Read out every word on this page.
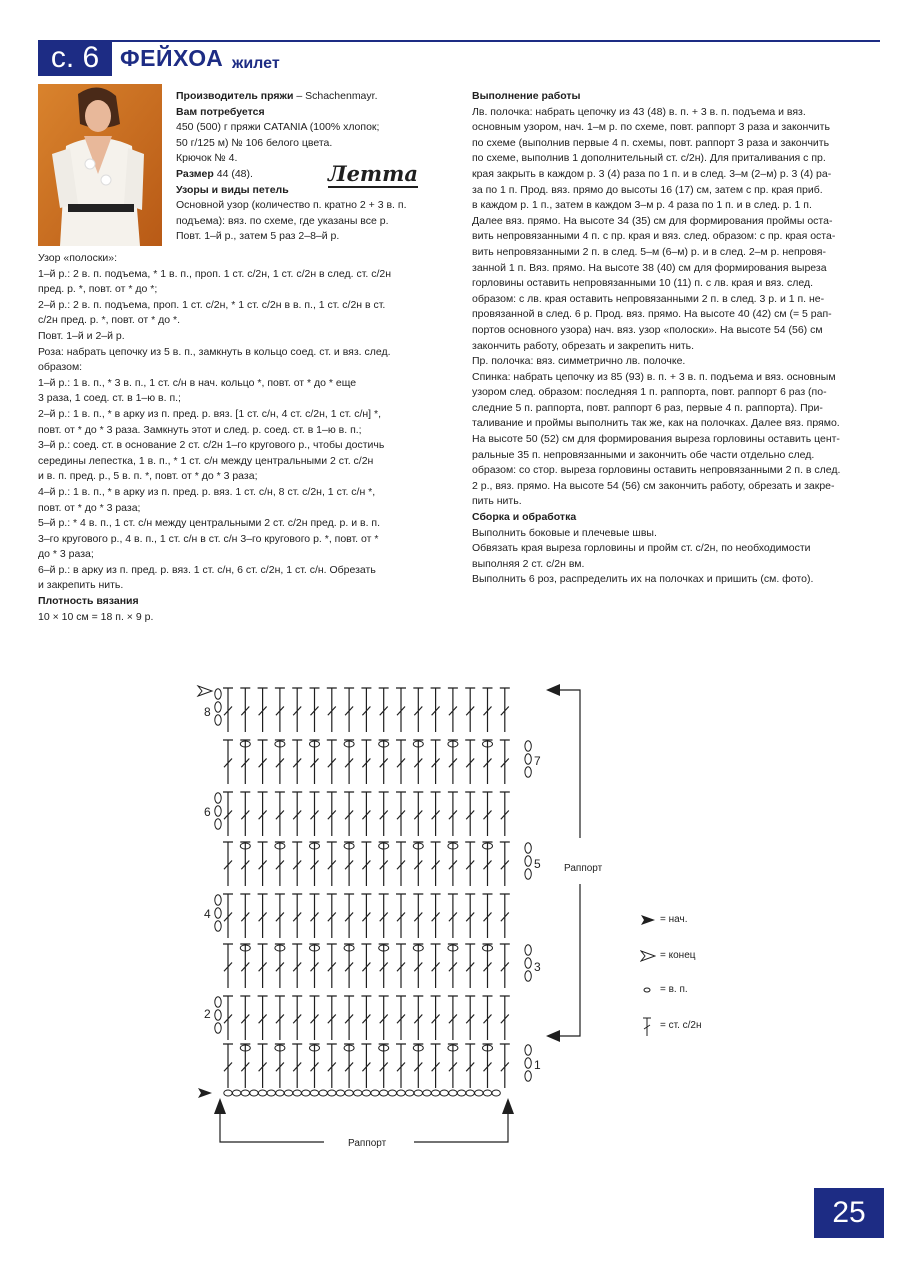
с. 6 ФЕЙХОА жилет
Летта
Производитель пряжи – Schachenmayr.
Вам потребуется
450 (500) г пряжи CATANIA (100% хлопок;
50 г/125 м) № 106 белого цвета.
Крючок № 4.
Размер 44 (48).
Узоры и виды петель
Основной узор (количество п. кратно 2 + 3 в. п.
подъема): вяз. по схеме, где указаны все р.
Повт. 1–й р., затем 5 раз 2–8–й р.
Узор «полоски»:
1–й р.: 2 в. п. подъема, * 1 в. п., проп. 1 ст. с/2н, 1 ст. с/2н в след. ст. с/2н
пред. р. *, повт. от * до *;
2–й р.: 2 в. п. подъема, проп. 1 ст. с/2н, * 1 ст. с/2н в в. п., 1 ст. с/2н в ст.
с/2н пред. р. *, повт. от * до *.
Повт. 1–й и 2–й р.
Роза: набрать цепочку из 5 в. п., замкнуть в кольцо соед. ст. и вяз. след.
образом:
1–й р.: 1 в. п., * 3 в. п., 1 ст. с/н в нач. кольцо *, повт. от * до * еще
3 раза, 1 соед. ст. в 1–ю в. п.;
2–й р.: 1 в. п., * в арку из п. пред. р. вяз. [1 ст. с/н, 4 ст. с/2н, 1 ст. с/н] *,
повт. от * до * 3 раза. Замкнуть этот и след. р. соед. ст. в 1–ю в. п.;
3–й р.: соед. ст. в основание 2 ст. с/2н 1–го кругового р., чтобы достичь
середины лепестка, 1 в. п., * 1 ст. с/н между центральными 2 ст. с/2н
и в. п. пред. р., 5 в. п. *, повт. от * до * 3 раза;
4–й р.: 1 в. п., * в арку из п. пред. р. вяз. 1 ст. с/н, 8 ст. с/2н, 1 ст. с/н *,
повт. от * до * 3 раза;
5–й р.: * 4 в. п., 1 ст. с/н между центральными 2 ст. с/2н пред. р. и в. п.
3–го кругового р., 4 в. п., 1 ст. с/н в ст. с/н 3–го кругового р. *, повт. от *
до * 3 раза;
6–й р.: в арку из п. пред. р. вяз. 1 ст. с/н, 6 ст. с/2н, 1 ст. с/н. Обрезать
и закрепить нить.
Плотность вязания
10 × 10 см = 18 п. × 9 р.
Выполнение работы
Лв. полочка: набрать цепочку из 43 (48) в. п. + 3 в. п. подъема и вяз.
основным узором, нач. 1–м р. по схеме, повт. раппорт 3 раза и закончить
по схеме (выполнив первые 4 п. схемы, повт. раппорт 3 раза и закончить
по схеме, выполнив 1 дополнительный ст. с/2н). Для приталивания с пр.
края закрыть в каждом р. 3 (4) раза по 1 п. и в след. 3–м (2–м) р. 3 (4) ра-
за по 1 п. Прод. вяз. прямо до высоты 16 (17) см, затем с пр. края приб.
в каждом р. 1 п., затем в каждом 3–м р. 4 раза по 1 п. и в след. р. 1 п.
Далее вяз. прямо. На высоте 34 (35) см для формирования проймы оста-
вить непровязанными 4 п. с пр. края и вяз. след. образом: с пр. края оста-
вить непровязанными 2 п. в след. 5–м (6–м) р. и в след. 2–м р. непровя-
занной 1 п. Вяз. прямо. На высоте 38 (40) см для формирования выреза
горловины оставить непровязанными 10 (11) п. с лв. края и вяз. след.
образом: с лв. края оставить непровязанными 2 п. в след. 3 р. и 1 п. не-
провязанной в след. 6 р. Прод. вяз. прямо. На высоте 40 (42) см (= 5 рап-
портов основного узора) нач. вяз. узор «полоски». На высоте 54 (56) см
закончить работу, обрезать и закрепить нить.
Пр. полочка: вяз. симметрично лв. полочке.
Спинка: набрать цепочку из 85 (93) в. п. + 3 в. п. подъема и вяз. основным
узором след. образом: последняя 1 п. раппорта, повт. раппорт 6 раз (по-
следние 5 п. раппорта, повт. раппорт 6 раз, первые 4 п. раппорта). При-
таливание и проймы выполнить так же, как на полочках. Далее вяз. прямо.
На высоте 50 (52) см для формирования выреза горловины оставить цент-
ральные 35 п. непровязанными и закончить обе части отдельно след.
образом: со стор. выреза горловины оставить непровязанными 2 п. в след.
2 р., вяз. прямо. На высоте 54 (56) см закончить работу, обрезать и закре-
пить нить.
Сборка и обработка
Выполнить боковые и плечевые швы.
Обвязать края выреза горловины и пройм ст. с/2н, по необходимости
выполняя 2 ст. с/2н вм.
Выполнить 6 роз, распределить их на полочках и пришить (см. фото).
8
6
4
2
7
5
3
1
Раппорт
Раппорт
= нач.
= конец
= в. п.
= ст. с/2н
25
